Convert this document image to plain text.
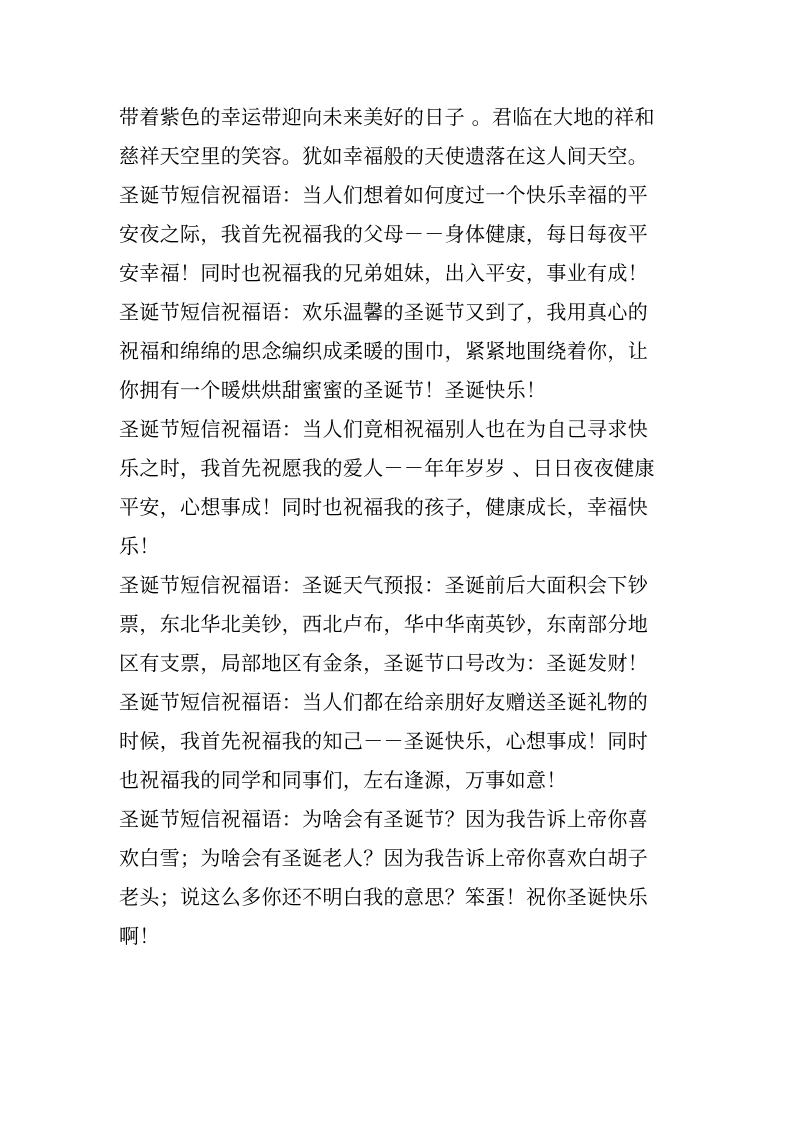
带着紫色的幸运带迎向未来美好的日子 。君临在大地的祥和
慈祥天空里的笑容。犹如幸福般的天使遗落在这人间天空。
圣诞节短信祝福语：当人们想着如何度过一个快乐幸福的平
安夜之际，我首先祝福我的父母－－身体健康，每日每夜平
安幸福！同时也祝福我的兄弟姐妹，出入平安，事业有成！
圣诞节短信祝福语：欢乐温馨的圣诞节又到了，我用真心的
祝福和绵绵的思念编织成柔暖的围巾，紧紧地围绕着你，让
你拥有一个暖烘烘甜蜜蜜的圣诞节！圣诞快乐！
圣诞节短信祝福语：当人们竟相祝福别人也在为自己寻求快
乐之时，我首先祝愿我的爱人－－年年岁岁 、日日夜夜健康
平安，心想事成！同时也祝福我的孩子，健康成长，幸福快
乐！
圣诞节短信祝福语：圣诞天气预报：圣诞前后大面积会下钞
票，东北华北美钞，西北卢布，华中华南英钞，东南部分地
区有支票，局部地区有金条，圣诞节口号改为：圣诞发财！
圣诞节短信祝福语：当人们都在给亲朋好友赠送圣诞礼物的
时候，我首先祝福我的知己－－圣诞快乐，心想事成！同时
也祝福我的同学和同事们，左右逢源，万事如意！
圣诞节短信祝福语：为啥会有圣诞节？因为我告诉上帝你喜
欢白雪；为啥会有圣诞老人？因为我告诉上帝你喜欢白胡子
老头；说这么多你还不明白我的意思？笨蛋！祝你圣诞快乐
啊！
